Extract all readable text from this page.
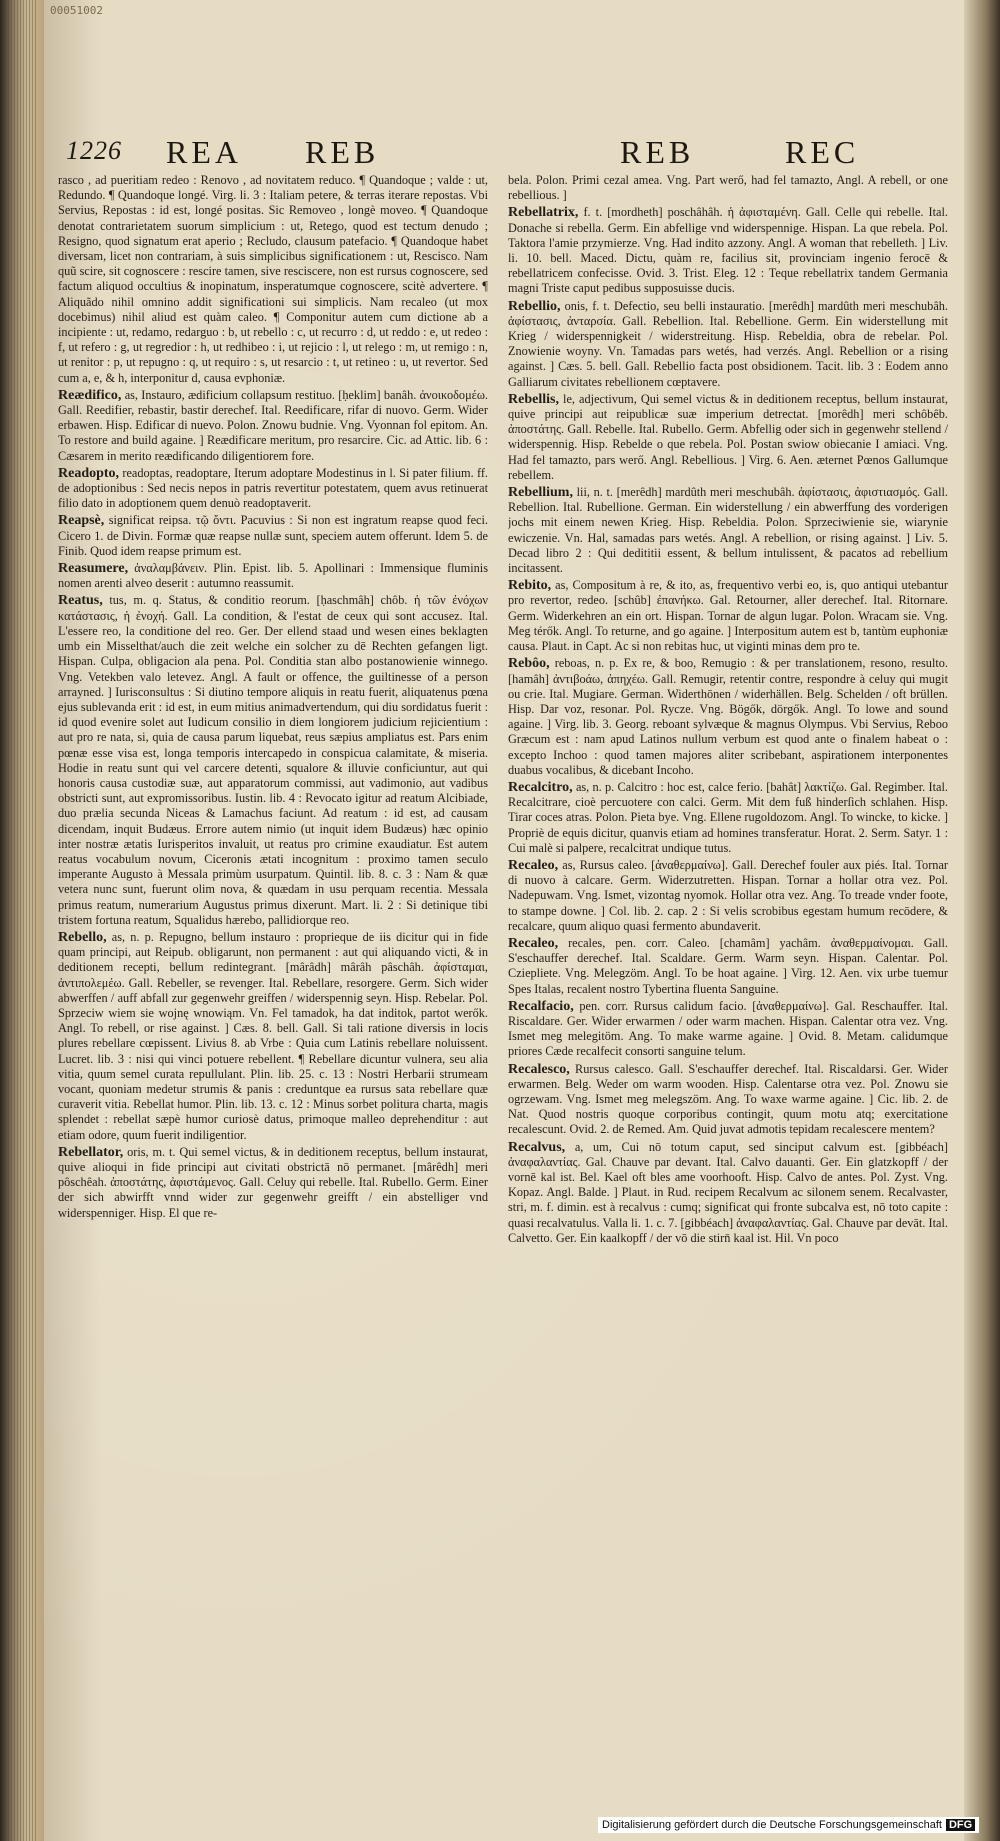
00051002
1226 REA REB	REB	REC

rasco , ad pueritiam redeo : Renovo , ad novitatem reduco. ¶ Quandoque ; valde : ut, Redundo. ¶ Quandoque longé. Virg. li. 3 : Italiam petere, & terras iterare repostas. Vbi Servius, Repostas : id est, longé positas. Sic Removeo , longè moveo. ¶ Quandoque denotat contrarietatem suorum simplicium : ut, Retego, quod est tectum denudo ; Resigno, quod signatum erat aperio ; Recludo, clausum patefacio. ¶ Quandoque habet diversam, licet non contrariam, à suis simplicibus significationem : ut, Resciscо. Nam quũ scire, sit cognoscere : rescire tamen, sive resciscere, non est rursus cognoscere, sed factum aliquod occultius & inopinatum, insperatumque cognoscere, scitè advertere. ¶ Aliquãdo nihil omnino addit significationi sui simplicis. Nam recaleo (ut mox docebimus) nihil aliud est quàm caleo. ¶ Componitur autem cum dictione ab a incipiente : ut, redamo, redarguo : b, ut rebello : c, ut recurro : d, ut reddo : e, ut redeo : f, ut refero : g, ut regredior : h, ut redhibeo : i, ut rejicio : l, ut relego : m, ut remigo : n, ut renitor : p, ut repugno : q, ut requiro : s, ut resarcio : t, ut retineo : u, ut revertor. Sed cum a, e, & h, interponitur d, causa evphoniæ.

Reædifico, as, Instauro, ædificium collapsum restituo. [ḥeklim] banâh. ἀνοικοδομέω. Gall. Reedifier, rebastir, bastir derechef. Ital. Reedificare, rifar di nuovo. Germ. Wider erbawen. Hisp. Edificar di nuevo. Polon. Znowu budnie. Vng. Vyonnan fol epitom. An. To restore and build againe. ] Reædificare meritum, pro resarcire. Cic. ad Attic. lib. 6 : Cæsarem in merito reædificando diligentiorem fore.

Readopto, readoptas, readoptare, Iterum adoptare Modestinus in l. Si pater filium. ff. de adoptionibus : Sed necis nepos in patris revertitur potestatem, quem avus retinuerat filio dato in adoptionem quem denuò readoptaverit.

Reapsè, significat reipsa. τῷ ὄντι. Pacuvius : Si non est ingratum reapse quod feci. Cicero 1. de Divin. Formæ quæ reapse nullæ sunt, speciem autem offerunt. Idem 5. de Finib. Quod idem reapse primum est.

Reasumere, ἀναλαμβάνειν. Plin. Epist. lib. 5. Apollinari : Immensique fluminis nomen arenti alveo deserit : autumno reassumit.

Reatus, tus, m. q. Status, & conditio reorum. [ḥaschmâh] chôb. ἡ τῶν ἐνόχων κατάστασις, ἡ ἐνοχή. Gall. La condition, & l'estat de ceux qui sont accusez. Ital. L'essere reo, la conditione del reo. Ger. Der ellend staad und wesen eines beklagten umb ein Misselthat/auch die zeit welche ein solcher zu dē Rechten gefangen ligt. Hispan. Culpa, obligacion ala pena. Pol. Conditia stan albo postanowienie winnego. Vng. Vetekben valo letevez. Angl. A fault or offence, the guiltinesse of a person arrayned. ] Iurisconsultus : Si diutino tempore aliquis in reatu fuerit, aliquatenus pœna ejus sublevanda erit : id est, in eum mitius animadvertendum, qui diu sordidatus fuerit : id quod evenire solet aut Iudicum consilio in diem longiorem judicium rejicientium : aut pro re nata, si, quia de causa parum liquebat, reus sæpius ampliatus est. Pars enim pœnæ esse visa est, longa temporis intercapedo in conspicua calamitate, & miseria. Hodie in reatu sunt qui vel carcere detenti, squalore & illuvie conficiuntur, aut qui honoris causa custodiæ suæ, aut apparatorum commissi, aut vadimonio, aut vadibus obstricti sunt, aut expromissoribus. Iustin. lib. 4 : Revocato igitur ad reatum Alcibiade, duo prælia secunda Niceas & Lamachus faciunt. Ad reatum : id est, ad causam dicendam, inquit Budæus. Errore autem nimio (ut inquit idem Budæus) hæc opinio inter nostræ ætatis Iurisperitos invaluit, ut reatus pro crimine exaudiatur. Est autem reatus vocabulum novum, Ciceronis ætati incognitum : proximo tamen seculo imperante Augusto à Messala primùm usurpatum. Quintil. lib. 8. c. 3 : Nam & quæ vetera nunc sunt, fuerunt olim nova, & quædam in usu perquam recentia. Messala primus reatum, numerarium Augustus primus dixerunt. Mart. li. 2 : Si detinique tibi tristem fortuna reatum, Squalidus hærebo, pallidiorque reo.

Rebello, as, n. p. Repugno, bellum instauro : proprieque de iis dicitur qui in fide quam principi, aut Reipub. obligarunt, non permanent : aut qui aliquando victi, & in deditionem recepti, bellum redintegrant. [mârâdh] mârâh pâschâh. ἀφίσταμαι, ἀντιπολεμέω. Gall. Rebeller, se revenger. Ital. Rebellare, resorgere. Germ. Sich wider abwerffen / auff abfall zur gegenwehr greiffen / widerspennig seyn. Hisp. Rebelar. Pol. Sprzeciw wiem sie wojnę wnowiąm. Vn. Fel tamadok, ha dat inditok, partot werők. Angl. To rebell, or rise against. ] Cæs. 8. bell. Gall. Si tali ratione diversis in locis plures rebellare cœpissent. Livius 8. ab Vrbe : Quia cum Latinis rebellare noluissent. Lucret. lib. 3 : nisi qui vinci potuere rebellent. ¶ Rebellare dicuntur vulnera, seu alia vitia, quum semel curata repullulant. Plin. lib. 25. c. 13 : Nostri Herbarii strumeam vocant, quoniam medetur strumis & panis : creduntque ea rursus sata rebellare quæ curaverit vitia. Rebellat humor. Plin. lib. 13. c. 12 : Minus sorbet politura charta, magis splendet : rebellat sæpè humor curiosè datus, primoque malleo deprehenditur : aut etiam odore, quum fuerit indiligentior.

Rebellator, oris, m. t. Qui semel victus, & in deditionem receptus, bellum instaurat, quive alioqui in fide principi aut civitati obstrictā nō permanet. [mârêdh] meri pôschêah. ἀποστάτης, ἀφιστάμενος. Gall. Celuy qui rebelle. Ital. Rubello. Germ. Einer der sich abwirfft vnnd wider zur gegenwehr greifft / ein abstelliger vnd widerspenniger. Hisp. El que re-

bela. Polon. Primi cezal amea. Vng. Part werő, had fel tamazto, Angl. A rebell, or one rebellious. ]

Rebellatrix, f. t. [mordheth] poschâhâh. ἡ ἀφισταμένη. Gall. Celle qui rebelle. Ital. Donache si rebella. Germ. Ein abfellige vnd widerspennige. Hispan. La que rebela. Pol. Taktora l'amie przymierze. Vng. Had indito azzony. Angl. A woman that rebelleth. ] Liv. li. 10. bell. Maced. Dictu, quàm re, facilius sit, provinciam ingenio ferocē & rebellatricem confecisse. Ovid. 3. Trist. Eleg. 12 : Teque rebellatrix tandem Germania magni Triste caput pedibus supposuisse ducis.

Rebellio, onis, f. t. Defectio, seu belli instauratio. [merêdh] mardûth meri meschubâh. ἀφίστασις, ἀνταρσία. Gall. Rebellion. Ital. Rebellione. Germ. Ein widerstellung mit Krieg / widerspennigkeit / widerstreitung. Hisp. Rebeldia, obra de rebelar. Pol. Znowienie woyny. Vn. Tamadas pars wetés, had verzés. Angl. Rebellion or a rising against. ] Cæs. 5. bell. Gall. Rebellio facta post obsidionem. Tacit. lib. 3 : Eodem anno Galliarum civitates rebellionem cœptavere.

Rebellis, le, adjectivum, Qui semel victus & in deditionem receptus, bellum instaurat, quive principi aut reipublicæ suæ imperium detrectat. [morêdh] meri schôbêb. ἀποστάτης. Gall. Rebelle. Ital. Rubello. Germ. Abfellig oder sich in gegenwehr stellend / widerspennig. Hisp. Rebelde o que rebela. Pol. Postan swiow obiecanie I amiaci. Vng. Had fel tamazto, pars werő. Angl. Rebellious. ] Virg. 6. Aen. æternet Pœnos Gallumque rebellem.

Rebellium, lii, n. t. [merêdh] mardûth meri meschubâh. ἀφίστασις, ἀφιστιασμός. Gall. Rebellion. Ital. Rubellione. German. Ein widerstellung / ein abwerffung des vorderigen jochs mit einem newen Krieg. Hisp. Rebeldia. Polon. Sprzeciwienie sie, wiarynie ewiczenie. Vn. Hal, samadas pars wetés. Angl. A rebellion, or rising against. ] Liv. 5. Decad libro 2 : Qui dedititii essent, & bellum intulissent, & pacatos ad rebellium incitassent.

Rebito, as, Compositum à re, & ito, as, frequentivo verbi eo, is, quo antiqui utebantur pro revertor, redeo. [schûb] ἐπανήκω. Gal. Retourner, aller derechef. Ital. Ritornare. Germ. Widerkehren an ein ort. Hispan. Tornar de algun lugar. Polon. Wracam sie. Vng. Meg térők. Angl. To returne, and go againe. ] Interpositum autem est b, tantùm euphoniæ causa. Plaut. in Capt. Ac si non rebitas huc, ut viginti minas dem pro te.

Rebôo, reboas, n. p. Ex re, & boo, Remugio : & per translationem, resono, resulto. [hamâh] ἀντιβοάω, ἀπηχέω. Gall. Remugir, retentir contre, respondre à celuy qui mugit ou crie. Ital. Mugiare. German. Widerthōnen / widerhällen. Belg. Schelden / oft brüllen. Hisp. Dar voz, resonar. Pol. Rycze. Vng. Bögők, dörgők. Angl. To lowe and sound againe. ] Virg. lib. 3. Georg. reboant sylvæque & magnus Olympus. Vbi Servius, Reboo Græcum est : nam apud Latinos nullum verbum est quod ante o finalem habeat o : excepto Inchoo : quod tamen majores aliter scribebant, aspirationem interponentes duabus vocalibus, & dicebant Incoho.

Recalcitro, as, n. p. Calcitro : hoc est, calce ferio. [bahât] λακτίζω. Gal. Regimber. Ital. Recalcitrare, cioè percuotere con calci. Germ. Mit dem fuß hinderſich schlahen. Hisp. Tirar coces atras. Polon. Pieta bye. Vng. Ellene rugoldozom. Angl. To wincke, to kicke. ] Propriè de equis dicitur, quanvis etiam ad homines transferatur. Horat. 2. Serm. Satyr. 1 : Cui malè si palpere, recalcitrat undique tutus.

Recaleo, as, Rursus caleo. [ἀναθερμαίνω]. Gall. Derechef fouler aux piés. Ital. Tornar di nuovo à calcare. Germ. Widerzutretten. Hispan. Tornar a hollar otra vez. Pol. Nadepuwam. Vng. Ismet, vizontag nyomok. Hollar otra vez. Ang. To treade vnder foote, to stampe downe. ] Col. lib. 2. cap. 2 : Si velis scrobibus egestam humum recōdere, & recalcare, quum aliquo quasi fermento abundaverit.

Recaleo, recales, pen. corr. Caleo. [chamâm] yachâm. ἀναθερμαίνομαι. Gall. S'eschauffer derechef. Ital. Scaldare. Germ. Warm seyn. Hispan. Calentar. Pol. Cziepliete. Vng. Melegzöm. Angl. To be hoat againe. ] Virg. 12. Aen. vix urbe tuemur Spes Italas, recalent nostro Tybertina fluenta Sanguine.

Recalfacio, pen. corr. Rursus calidum facio. [ἀναθερμαίνω]. Gal. Reschauffer. Ital. Riscaldare. Ger. Wider erwarmen / oder warm machen. Hispan. Calentar otra vez. Vng. Ismet meg melegitöm. Ang. To make warme againe. ] Ovid. 8. Metam. calidumque priores Cæde recalfecit consorti sanguine telum.

Recalesco, Rursus calesco. Gall. S'eschauffer derechef. Ital. Riscaldarsi. Ger. Wider erwarmen. Belg. Weder om warm wooden. Hisp. Calentarse otra vez. Pol. Znowu sie ogrzewam. Vng. Ismet meg melegszöm. Ang. To waxe warme againe. ] Cic. lib. 2. de Nat. Quod nostris quoque corporibus contingit, quum motu atq; exercitatione recalescunt. Ovid. 2. de Remed. Am. Quid juvat admotis tepidam recalescere mentem?

Recalvus, a, um, Cui nō totum caput, sed sinciput calvum est. [gibbéach] ἀναφαλαντίας. Gal. Chauve par devant. Ital. Calvo dauanti. Ger. Ein glatzkopff / der vornē kal ist. Bel. Kael oft bles ame voorhooft. Hisp. Calvo de antes. Pol. Zyst. Vng. Kopaz. Angl. Balde. ] Plaut. in Rud. recipem Recalvum ac silonem senem. Recalvaster, stri, m. f. dimin. est à recalvus : cumq; significat qui fronte subcalva est, nō toto capite : quasi recalvatulus. Valla li. 1. c. 7. [gibbéach] ἀναφαλαντίας. Gal. Chauve par devāt. Ital. Calvetto. Ger. Ein kaalkopff / der vō die stirn̄ kaal ist. Hil. Vn poco

Digitalisierung gefördert durch die Deutsche Forschungsgemeinschaft DFG
